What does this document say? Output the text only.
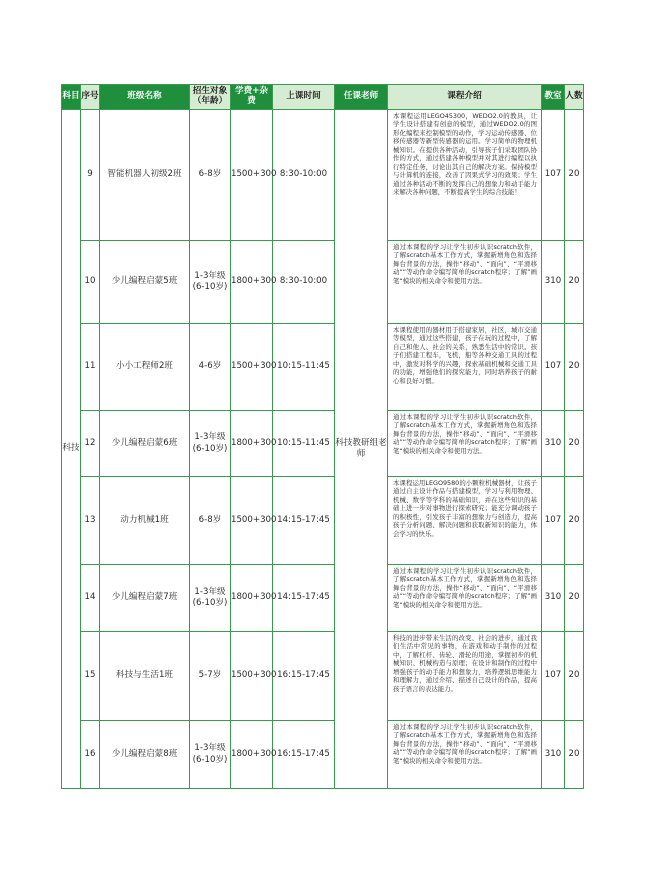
科目	序号	班级名称	招生对象（年龄）	学费+杂费	上课时间	任课老师	课程介绍	教室	人数
科技	9	智能机器人初级2班	6-8岁	1500+300	8:30-10:00	科技教研组老师	本课程运用LEGO45300，WEDO2.0的教具，让学生设计搭建有创意的模型，通过WEDO2.0的图形化编程来控制模型的动作，学习运动传感器、位移传感器等新型传感器的运用。学习简单的物理机械知识。在提供各种活动，引导孩子们采取团队协作的方式，通过搭建各种模型并对其进行编程以执行特定任务，讨论出其自己的解决方案。保持模型与计算机的连接，改善了因果式学习的效果；学生通过各种活动不断的发挥自己的想象力和动手能力来解决各种问题，不断提高学生的综合技能！	107	20
	10	少儿编程启蒙5班	1-3年级(6-10岁)	1800+300	8:30-10:00		通过本课程的学习让学生初步认识scratch软件，了解scratch基本工作方式，掌握新增角色和选择舞台背景的方法，操作“移动”、“面向”、“平滑移动”“等动作命令编写简单的scratch程序；了解”画笔“模块的相关命令和使用方法。	310	20
	11	小小工程师2班	4-6岁	1500+300	10:15-11:45		本课程使用的器材用于搭建家居，社区，城市交通等模型，通过这些搭建，孩子在玩的过程中，了解自己和他人、社会的关系，熟悉生活中的常识。孩子们搭建工程车，飞机，船等各种交通工具的过程中，激发对科学的兴趣，探索基础机械和交通工具的功能，增强他们的探究能力，同时培养孩子的耐心和良好习惯。	107	20
	12	少儿编程启蒙6班	1-3年级(6-10岁)	1800+300	10:15-11:45		通过本课程的学习让学生初步认识scratch软件，了解scratch基本工作方式，掌握新增角色和选择舞台背景的方法，操作“移动”、“面向”、“平滑移动”“等动作命令编写简单的scratch程序；了解”画笔“模块的相关命令和使用方法。	310	20
	13	动力机械1班	6-8岁	1500+300	14:15-17:45		本课程运用LEGO9580的小颗粒机械器材，让孩子通过自主设计作品与搭建模型，学习与利用物理、机械、数学等学科的基础知识，并在这些知识的基础上进一步对事物进行探索研究；能充分调动孩子的积极性，引发孩子丰富的想象力与创造力，提高孩子分析问题、解决问题和获取新知识的能力，体会学习的快乐。	107	20
	14	少儿编程启蒙7班	1-3年级(6-10岁)	1800+300	14:15-17:45		通过本课程的学习让学生初步认识scratch软件，了解scratch基本工作方式，掌握新增角色和选择舞台背景的方法，操作“移动”、“面向”、“平滑移动”“等动作命令编写简单的scratch程序；了解”画笔“模块的相关命令和使用方法。	310	20
	15	科技与生活1班	5-7岁	1500+300	16:15-17:45		科技的进步带来生活的改变、社会的进步，通过我们生活中常见的事物，在游戏和动手制作的过程中，了解杠杆、齿轮、滑轮的用途，掌握初步的机械知识、机械构造与原理；在设计和制作的过程中增强孩子的动手能力和想象力，培养逻辑思维能力和理解力，通过介绍、描述自己设计的作品，提高孩子语言的表达能力。	107	20
	16	少儿编程启蒙8班	1-3年级(6-10岁)	1800+300	16:15-17:45		通过本课程的学习让学生初步认识scratch软件，了解scratch基本工作方式，掌握新增角色和选择舞台背景的方法，操作“移动”、“面向”、“平滑移动”“等动作命令编写简单的scratch程序；了解”画笔“模块的相关命令和使用方法。	310	20
